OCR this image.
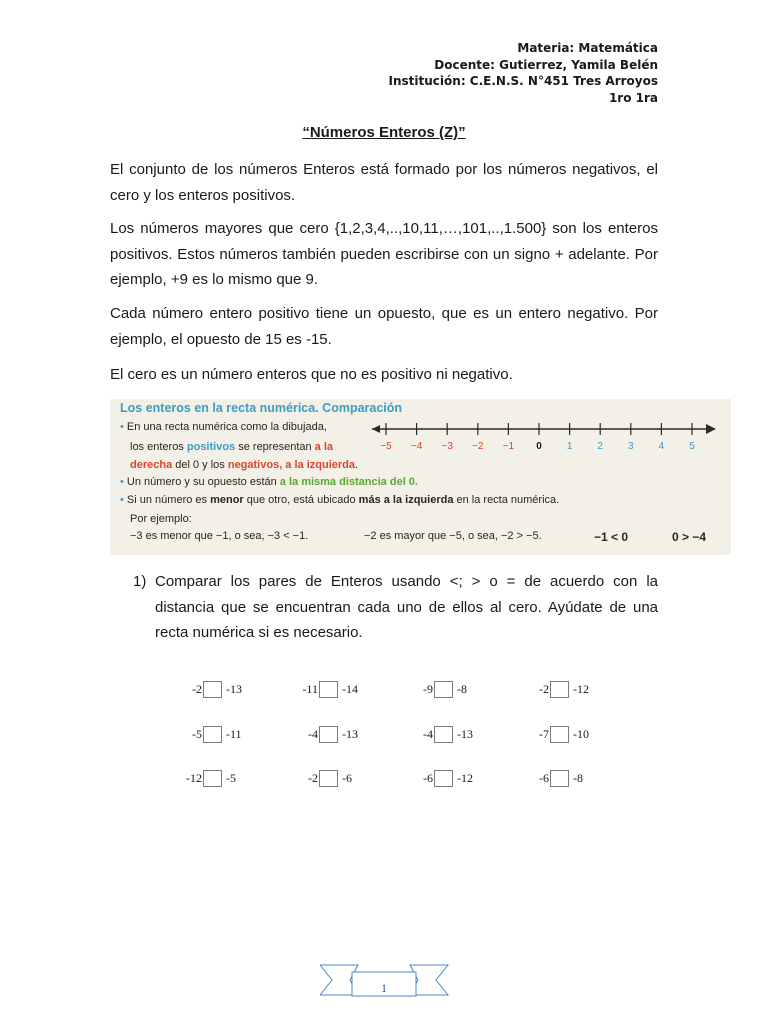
Materia: Matemática
Docente: Gutierrez, Yamila Belén
Institución: C.E.N.S. N°451 Tres Arroyos
1ro 1ra
“Números Enteros (Z)”
El conjunto de los números Enteros está formado por los números negativos, el cero y los enteros positivos.
Los números mayores que cero {1,2,3,4,..,10,11,…,101,..,1.500} son los enteros positivos. Estos números también pueden escribirse con un signo + adelante. Por ejemplo, +9 es lo mismo que 9.
Cada número entero positivo tiene un opuesto, que es un entero negativo. Por ejemplo, el opuesto de 15 es -15.
El cero es un número enteros que no es positivo ni negativo.
Los enteros en la recta numérica. Comparación
• En una recta numérica como la dibujada,
los enteros positivos se representan a la
derecha del 0 y los negativos, a la izquierda.
• Un número y su opuesto están a la misma distancia del 0.
• Si un número es menor que otro, está ubicado más a la izquierda en la recta numérica.
Por ejemplo:
−3 es menor que −1, o sea, −3 < −1.	−2 es mayor que −5, o sea, −2 > −5.	−1 < 0	0 > −4
−5 −4 −3 −2 −1 0	1	2	3	4	5
1) Comparar los pares de Enteros usando <; > o = de acuerdo con la distancia que se encuentran cada uno de ellos al cero. Ayúdate de una recta numérica si es necesario.
-2 -13	-11 -14	-9 -8	-2 -12
-5 -11	-4 -13	-4 -13	-7 -10
-12 -5	-2 -6	-6 -12	-6 -8
1
